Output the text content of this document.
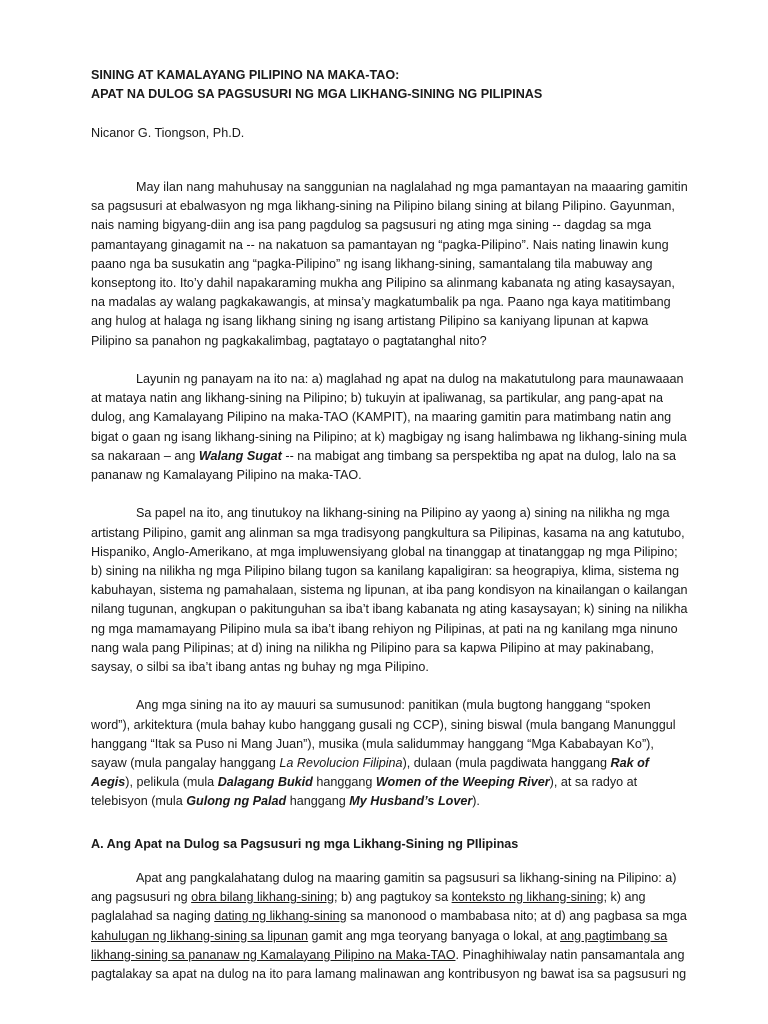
SINING AT KAMALAYANG PILIPINO NA MAKA-TAO:
APAT NA DULOG SA PAGSUSURI NG MGA LIKHANG-SINING NG PILIPINAS
Nicanor G. Tiongson, Ph.D.

May ilan nang mahuhusay na sanggunian na naglalahad ng mga pamantayan na maaaring gamitin sa pagsusuri at ebalwasyon ng mga likhang-sining na Pilipino bilang sining at bilang Pilipino. Gayunman, nais naming bigyang-diin ang isa pang pagdulog sa pagsusuri ng ating mga sining -- dagdag sa mga pamantayang ginagamit na -- na nakatuon sa pamantayan ng “pagka-Pilipino”. Nais nating linawin kung paano nga ba susukatin ang “pagka-Pilipino” ng isang likhang-sining, samantalang tila mabuway ang konseptong ito. Ito’y dahil napakaraming mukha ang Pilipino sa alinmang kabanata ng ating kasaysayan, na madalas ay walang pagkakawangis, at minsa’y magkatumbalik pa nga. Paano nga kaya matitimbang ang hulog at halaga ng isang likhang sining ng isang artistang Pilipino sa kaniyang lipunan at kapwa Pilipino sa panahon ng pagkakalimbag, pagtatayo o pagtatanghal nito?

Layunin ng panayam na ito na: a) maglahad ng apat na dulog na makatutulong para maunawaaan at mataya natin ang likhang-sining na Pilipino; b) tukuyin at ipaliwanag, sa partikular, ang pang-apat na dulog, ang Kamalayang Pilipino na maka-TAO (KAMPIT), na maaring gamitin para matimbang natin ang bigat o gaan ng isang likhang-sining na Pilipino; at k) magbigay ng isang halimbawa ng likhang-sining mula sa nakaraan – ang Walang Sugat -- na mabigat ang timbang sa perspektiba ng apat na dulog, lalo na sa pananaw ng Kamalayang Pilipino na maka-TAO.

Sa papel na ito, ang tinutukoy na likhang-sining na Pilipino ay yaong a) sining na nilikha ng mga artistang Pilipino, gamit ang alinman sa mga tradisyong pangkultura sa Pilipinas, kasama na ang katutubo, Hispaniko, Anglo-Amerikano, at mga impluwensiyang global na tinanggap at tinatanggap ng mga Pilipino; b) sining na nilikha ng mga Pilipino bilang tugon sa kanilang kapaligiran: sa heograpiya, klima, sistema ng kabuhayan, sistema ng pamahalaan, sistema ng lipunan, at iba pang kondisyon na kinailangan o kailangan nilang tugunan, angkupan o pakitunguhan sa iba’t ibang kabanata ng ating kasaysayan; k) sining na nilikha ng mga mamamayang Pilipino mula sa iba’t ibang rehiyon ng Pilipinas, at pati na ng kanilang mga ninuno nang wala pang Pilipinas; at d) ining na nilikha ng Pilipino para sa kapwa Pilipino at may pakinabang, saysay, o silbi sa iba’t ibang antas ng buhay ng mga Pilipino.

Ang mga sining na ito ay mauuri sa sumusunod: panitikan (mula bugtong hanggang “spoken word”), arkitektura (mula bahay kubo hanggang gusali ng CCP), sining biswal (mula bangang Manunggul hanggang “Itak sa Puso ni Mang Juan”), musika (mula salidummay hanggang “Mga Kababayan Ko”), sayaw (mula pangalay hanggang La Revolucion Filipina), dulaan (mula pagdiwata hanggang Rak of Aegis), pelikula (mula Dalagang Bukid hanggang Women of the Weeping River), at sa radyo at telebisyon (mula Gulong ng Palad hanggang My Husband’s Lover).

A. Ang Apat na Dulog sa Pagsusuri ng mga Likhang-Sining ng PIlipinas

Apat ang pangkalahatang dulog na maaring gamitin sa pagsusuri sa likhang-sining na Pilipino: a) ang pagsusuri ng obra bilang likhang-sining; b) ang pagtukoy sa konteksto ng likhang-sining; k) ang paglalahad sa naging dating ng likhang-sining sa manonood o mambabasa nito; at d) ang pagbasa sa mga kahulugan ng likhang-sining sa lipunan gamit ang mga teoryang banyaga o lokal, at ang pagtimbang sa likhang-sining sa pananaw ng Kamalayang Pilipino na Maka-TAO. Pinaghihiwalay natin pansamantala ang pagtalakay sa apat na dulog na ito para lamang malinawan ang kontribusyon ng bawat isa sa pagsusuri ng
